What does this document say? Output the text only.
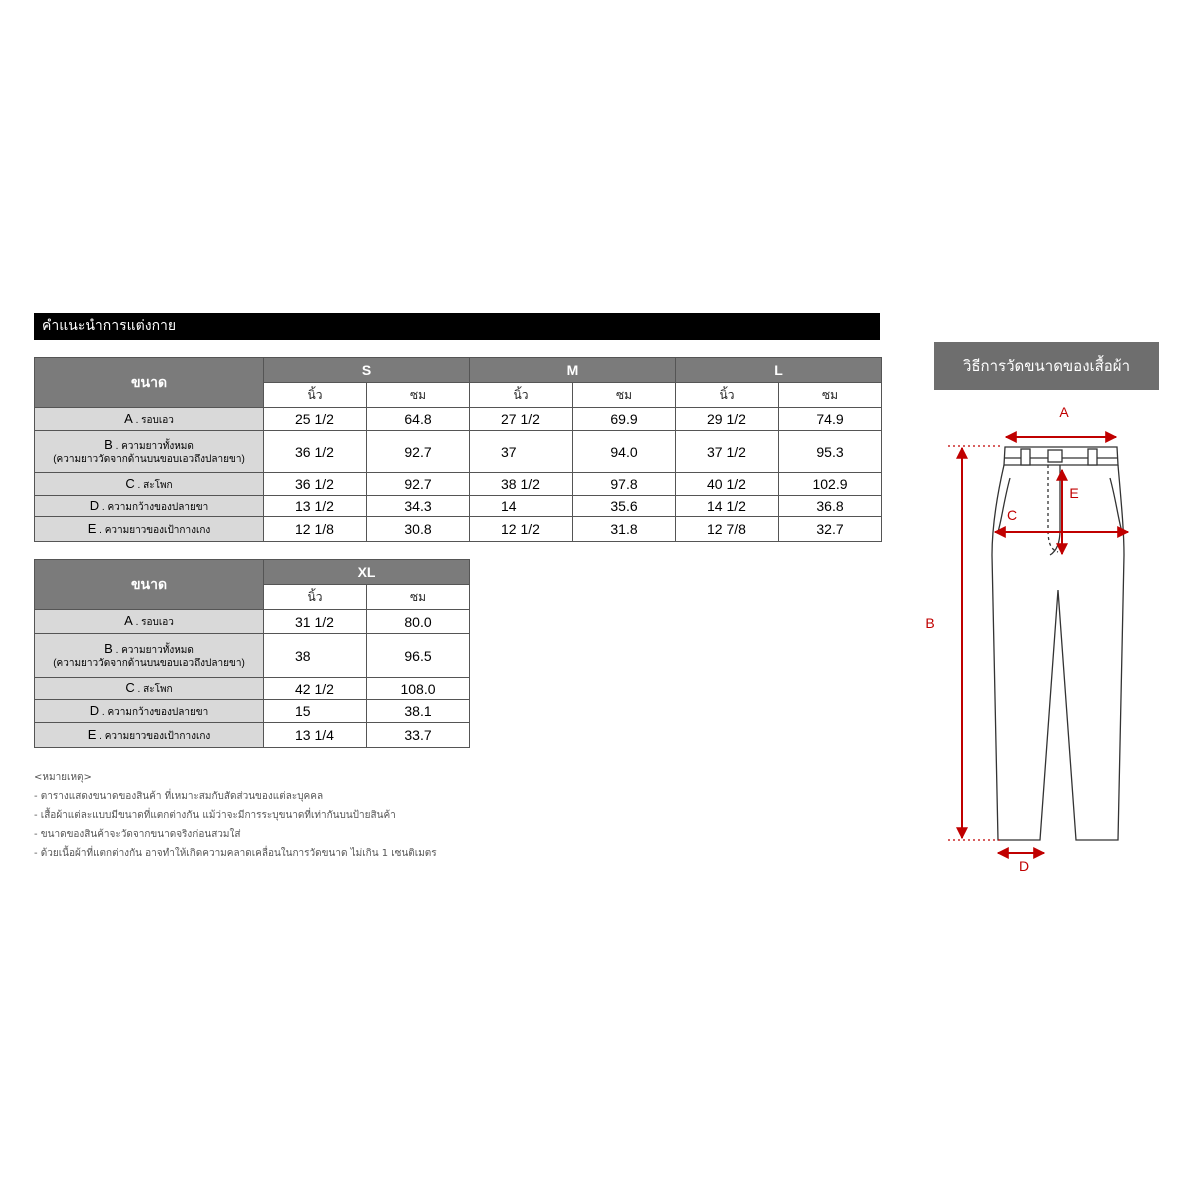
คำแนะนำการแต่งกาย
ขนาด	S		M		L	
	นิ้ว	ซม	นิ้ว	ซม	นิ้ว	ซม
A . รอบเอว	25 1/2	64.8	27 1/2	69.9	29 1/2	74.9
B . ความยาวทั้งหมด
(ความยาววัดจากด้านบนขอบเอวถึงปลายขา)	36 1/2	92.7	37	94.0	37 1/2	95.3
C . สะโพก	36 1/2	92.7	38 1/2	97.8	40 1/2	102.9
D . ความกว้างของปลายขา	13 1/2	34.3	14	35.6	14 1/2	36.8
E . ความยาวของเป้ากางเกง	12 1/8	30.8	12 1/2	31.8	12 7/8	32.7
ขนาด	XL	
	นิ้ว	ซม
A . รอบเอว	31 1/2	80.0
B . ความยาวทั้งหมด
(ความยาววัดจากด้านบนขอบเอวถึงปลายขา)	38	96.5
C . สะโพก	42 1/2	108.0
D . ความกว้างของปลายขา	15	38.1
E . ความยาวของเป้ากางเกง	13 1/4	33.7

<หมายเหตุ>

- ตารางแสดงขนาดของสินค้า ที่เหมาะสมกับสัดส่วนของแต่ละบุคคล

- เสื้อผ้าแต่ละแบบมีขนาดที่แตกต่างกัน แม้ว่าจะมีการระบุขนาดที่เท่ากันบนป้ายสินค้า

- ขนาดของสินค้าจะวัดจากขนาดจริงก่อนสวมใส่

- ด้วยเนื้อผ้าที่แตกต่างกัน อาจทำให้เกิดความคลาดเคลื่อนในการวัดขนาด ไม่เกิน 1 เซนติเมตร

วิธีการวัดขนาดของเสื้อผ้า
A
B
C
D
E
